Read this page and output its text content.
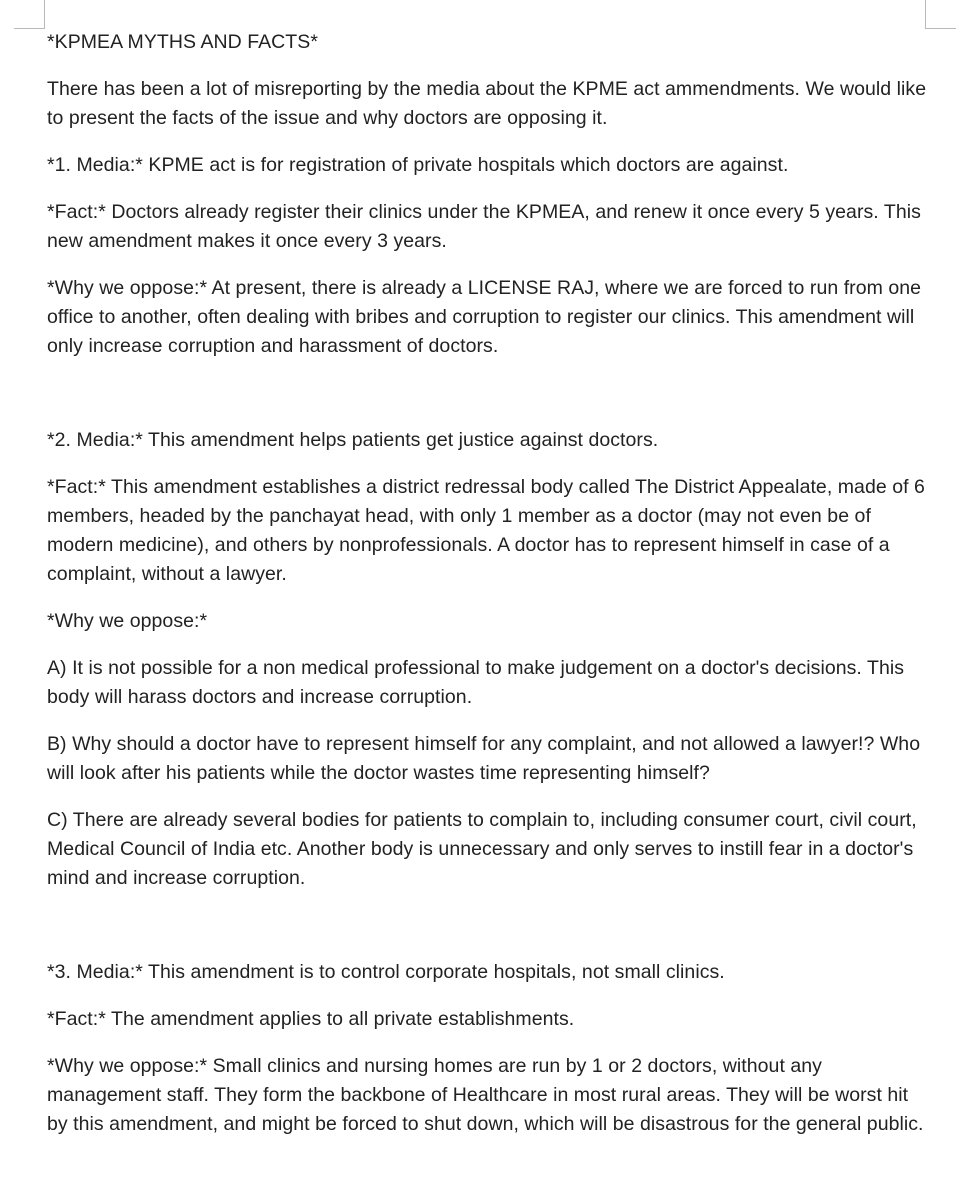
*KPMEA MYTHS AND FACTS*

There has been a lot of misreporting by the media about the KPME act ammendments. We would like to present the facts of the issue and why doctors are opposing it.

*1. Media:* KPME act is for registration of private hospitals which doctors are against.

*Fact:* Doctors already register their clinics under the KPMEA, and renew it once every 5 years. This new amendment makes it once every 3 years.

*Why we oppose:* At present, there is already a LICENSE RAJ, where we are forced to run from one office to another, often dealing with bribes and corruption to register our clinics. This amendment will only increase corruption and harassment of doctors.

*2. Media:* This amendment helps patients get justice against doctors.

*Fact:* This amendment establishes a district redressal body called The District Appealate, made of 6 members, headed by the panchayat head, with only 1 member as a doctor (may not even be of modern medicine), and others by nonprofessionals. A doctor has to represent himself in case of a complaint, without a lawyer.

*Why we oppose:*

A) It is not possible for a non medical professional to make judgement on a doctor's decisions. This body will harass doctors and increase corruption.

B) Why should a doctor have to represent himself for any complaint, and not allowed a lawyer!? Who will look after his patients while the doctor wastes time representing himself?

C) There are already several bodies for patients to complain to, including consumer court, civil court, Medical Council of India etc. Another body is unnecessary and only serves to instill fear in a doctor's mind and increase corruption.

*3. Media:* This amendment is to control corporate hospitals, not small clinics.

*Fact:* The amendment applies to all private establishments.

*Why we oppose:* Small clinics and nursing homes are run by 1 or 2 doctors, without any management staff. They form the backbone of Healthcare in most rural areas. They will be worst hit by this amendment, and might be forced to shut down, which will be disastrous for the general public.
